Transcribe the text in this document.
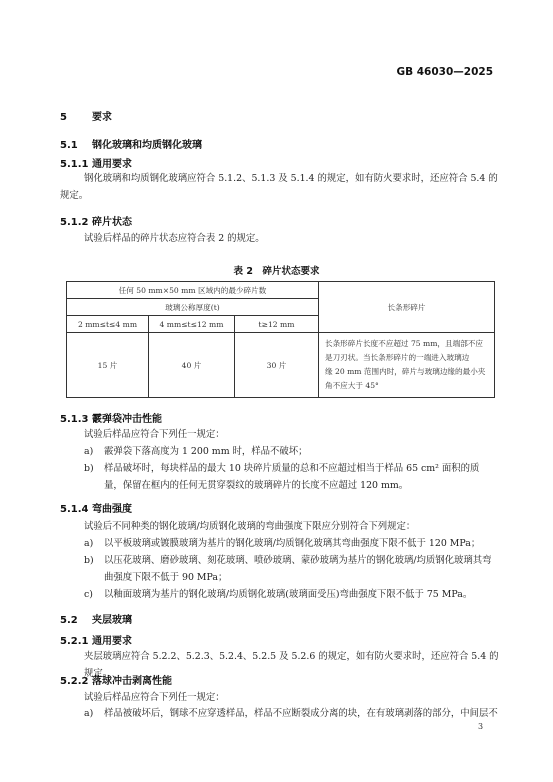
GB 46030—2025
5	要求
5.1 钢化玻璃和均质钢化玻璃
5.1.1 通用要求
钢化玻璃和均质钢化玻璃应符合 5.1.2、5.1.3 及 5.1.4 的规定，如有防火要求时，还应符合 5.4 的
规定。
5.1.2 碎片状态
试验后样品的碎片状态应符合表 2 的规定。
表 2　碎片状态要求
任何 50 mm×50 mm 区域内的最少碎片数			长条形碎片
玻璃公称厚度(t)			
2 mm≤t≤4 mm	4 mm≤t≤12 mm	t≥12 mm	
15 片	40 片	30 片	长条形碎片长度不应超过 75 mm，且端部不应
是刀刃状。当长条形碎片的一端进入玻璃边
缘 20 mm 范围内时，碎片与玻璃边缘的最小夹
角不应大于 45°
5.1.3 霰弹袋冲击性能
试验后样品应符合下列任一规定：
a) 霰弹袋下落高度为 1 200 mm 时，样品不破坏；
b) 样品破坏时，每块样品的最大 10 块碎片质量的总和不应超过相当于样品 65 cm² 面积的质
量，保留在框内的任何无贯穿裂纹的玻璃碎片的长度不应超过 120 mm。
5.1.4 弯曲强度
试验后不同种类的钢化玻璃/均质钢化玻璃的弯曲强度下限应分别符合下列规定：
a) 以平板玻璃或镀膜玻璃为基片的钢化玻璃/均质钢化玻璃其弯曲强度下限不低于 120 MPa；
b) 以压花玻璃、磨砂玻璃、刻花玻璃、喷砂玻璃、蒙砂玻璃为基片的钢化玻璃/均质钢化玻璃其弯
曲强度下限不低于 90 MPa；
c) 以釉面玻璃为基片的钢化玻璃/均质钢化玻璃(玻璃面受压)弯曲强度下限不低于 75 MPa。
5.2 夹层玻璃
5.2.1 通用要求
夹层玻璃应符合 5.2.2、5.2.3、5.2.4、5.2.5 及 5.2.6 的规定，如有防火要求时，还应符合 5.4 的规定。
5.2.2 落球冲击剥离性能
试验后样品应符合下列任一规定：
a) 样品被破坏后，钢球不应穿透样品，样品不应断裂成分离的块，在有玻璃剥落的部分，中间层不
3
